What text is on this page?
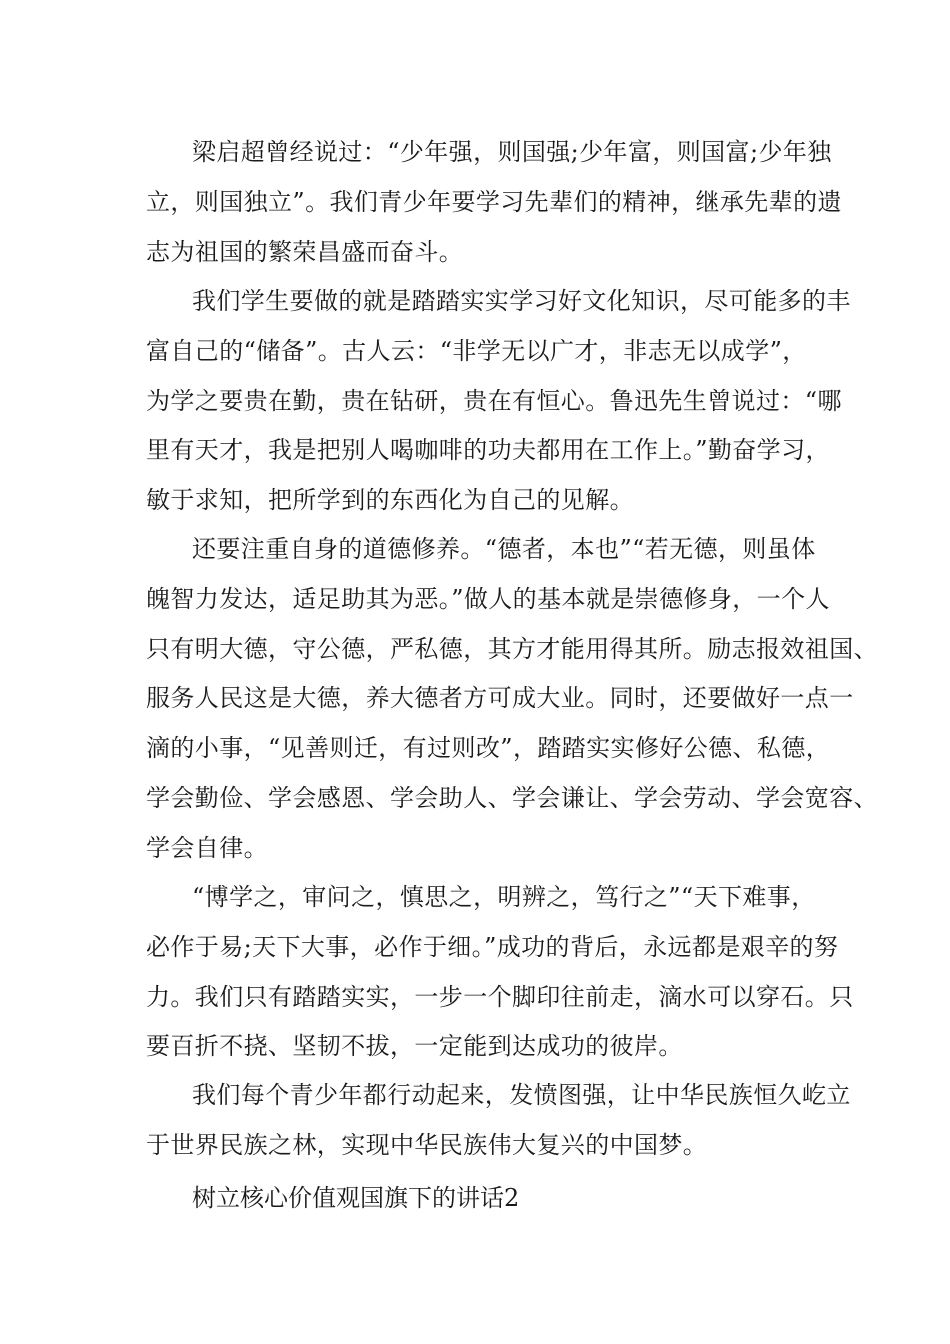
梁启超曾经说过：“少年强，则国强;少年富，则国富;少年独
立，则国独立”。我们青少年要学习先辈们的精神，继承先辈的遗
志为祖国的繁荣昌盛而奋斗。
我们学生要做的就是踏踏实实学习好文化知识，尽可能多的丰
富自己的“储备”。古人云：“非学无以广才，非志无以成学”，
为学之要贵在勤，贵在钻研，贵在有恒心。鲁迅先生曾说过：“哪
里有天才，我是把别人喝咖啡的功夫都用在工作上。”勤奋学习，
敏于求知，把所学到的东西化为自己的见解。
还要注重自身的道德修养。“德者，本也”“若无德，则虽体
魄智力发达，适足助其为恶。”做人的基本就是崇德修身，一个人
只有明大德，守公德，严私德，其方才能用得其所。励志报效祖国、
服务人民这是大德，养大德者方可成大业。同时，还要做好一点一
滴的小事，“见善则迁，有过则改”，踏踏实实修好公德、私德，
学会勤俭、学会感恩、学会助人、学会谦让、学会劳动、学会宽容、
学会自律。
“博学之，审问之，慎思之，明辨之，笃行之”“天下难事，
必作于易;天下大事，必作于细。”成功的背后，永远都是艰辛的努
力。我们只有踏踏实实，一步一个脚印往前走，滴水可以穿石。只
要百折不挠、坚韧不拔，一定能到达成功的彼岸。
我们每个青少年都行动起来，发愤图强，让中华民族恒久屹立
于世界民族之林，实现中华民族伟大复兴的中国梦。
树立核心价值观国旗下的讲话2
